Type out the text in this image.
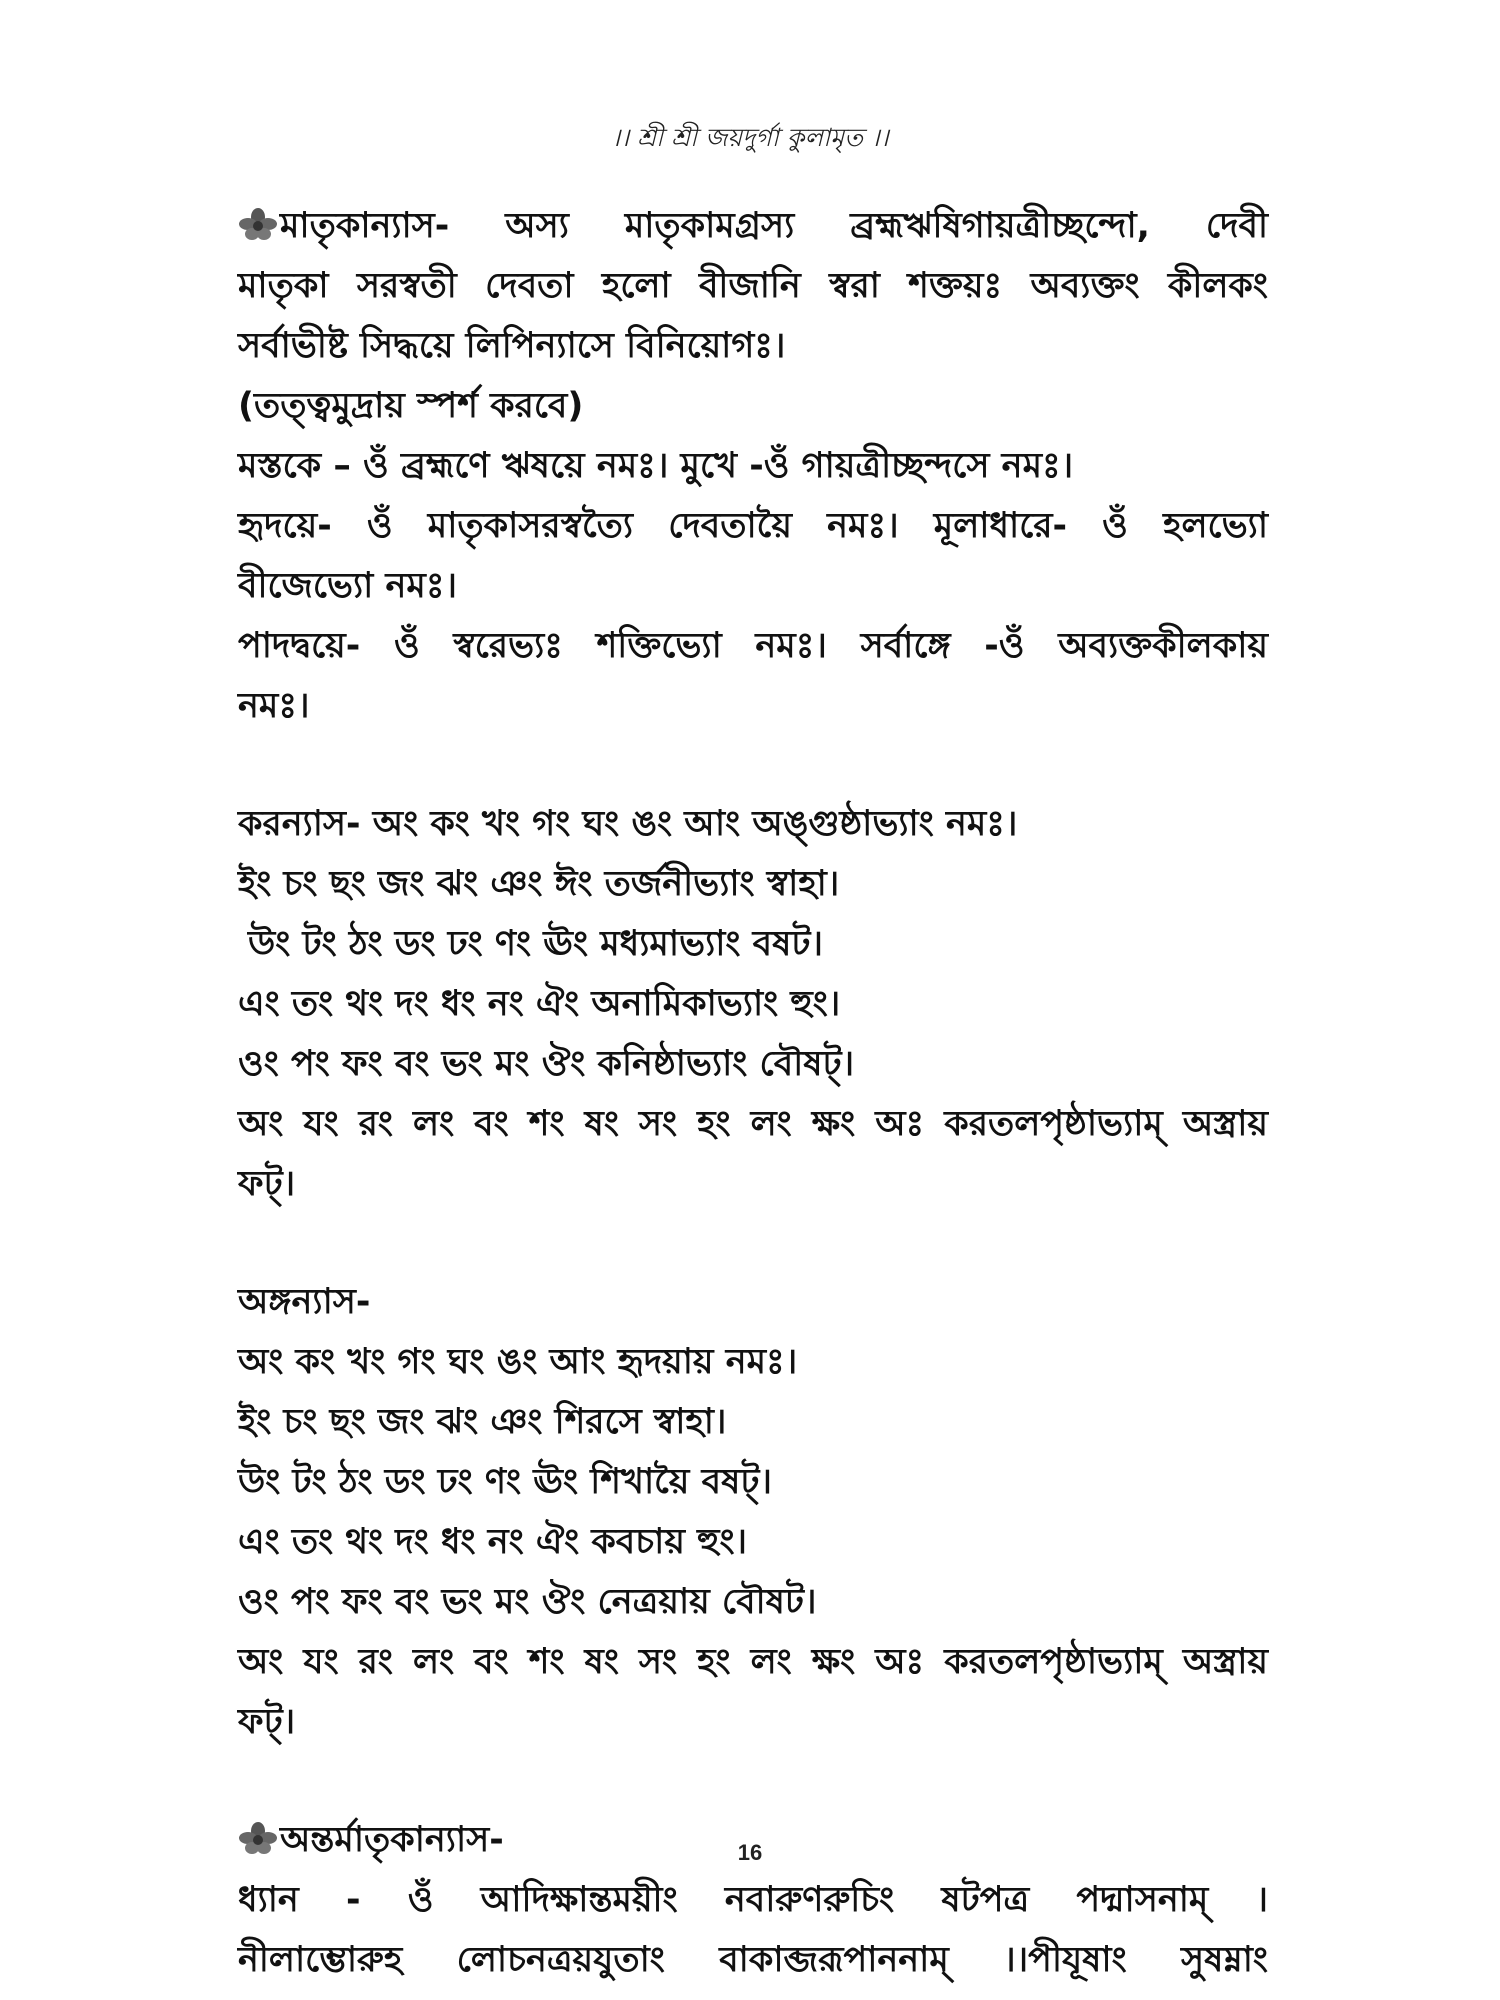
।। শ্রী শ্রী জয়দুর্গা কুলামৃত ।।
মাতৃকান্যাস- অস্য মাতৃকামগ্রস্য ব্রহ্মঋষিগায়ত্রীচ্ছন্দো, দেবী
মাতৃকা সরস্বতী দেবতা হলো বীজানি স্বরা শক্তয়ঃ অব্যক্তং কীলকং
সর্বাভীষ্ট সিদ্ধয়ে লিপিন্যাসে বিনিয়োগঃ।
(তত্ত্বমুদ্রায় স্পর্শ করবে)
মস্তকে – ওঁ ব্রহ্মণে ঋষয়ে নমঃ। মুখে -ওঁ গায়ত্রীচ্ছন্দসে নমঃ।
হৃদয়ে- ওঁ মাতৃকাসরস্বত্যৈ দেবতায়ৈ নমঃ। মূলাধারে- ওঁ হলভ্যো
বীজেভ্যো নমঃ।
পাদদ্বয়ে- ওঁ স্বরেভ্যঃ শক্তিভ্যো নমঃ। সর্বাঙ্গে -ওঁ অব্যক্তকীলকায়
নমঃ।
করন্যাস- অং কং খং গং ঘং ঙং আং অঙ্গুষ্ঠাভ্যাং নমঃ।
ইং চং ছং জং ঝং ঞং ঈং তর্জনীভ্যাং স্বাহা।
উং টং ঠং ডং ঢং ণং ঊং মধ্যমাভ্যাং বষট।
এং তং থং দং ধং নং ঐং অনামিকাভ্যাং হুং।
ওং পং ফং বং ভং মং ঔং কনিষ্ঠাভ্যাং বৌষট্।
অং যং রং লং বং শং ষং সং হং লং ক্ষং অঃ করতলপৃষ্ঠাভ্যাম্ অস্ত্রায়
ফট্।
অঙ্গন্যাস-
অং কং খং গং ঘং ঙং আং হৃদয়ায় নমঃ।
ইং চং ছং জং ঝং ঞং শিরসে স্বাহা।
উং টং ঠং ডং ঢং ণং ঊং শিখায়ৈ বষট্।
এং তং থং দং ধং নং ঐং কবচায় হুং।
ওং পং ফং বং ভং মং ঔং নেত্রয়ায় বৌষট।
অং যং রং লং বং শং ষং সং হং লং ক্ষং অঃ করতলপৃষ্ঠাভ্যাম্ অস্ত্রায়
ফট্।
অন্তর্মাতৃকান্যাস-
ধ্যান - ওঁ আদিক্ষান্তময়ীং নবারুণরুচিং ষটপত্র পদ্মাসনাম্ ।
নীলাম্ভোরুহ লোচনত্রয়যুতাং বাকাব্জরূপাননাম্ ।।পীযূষাং সুষম্নাং
16
